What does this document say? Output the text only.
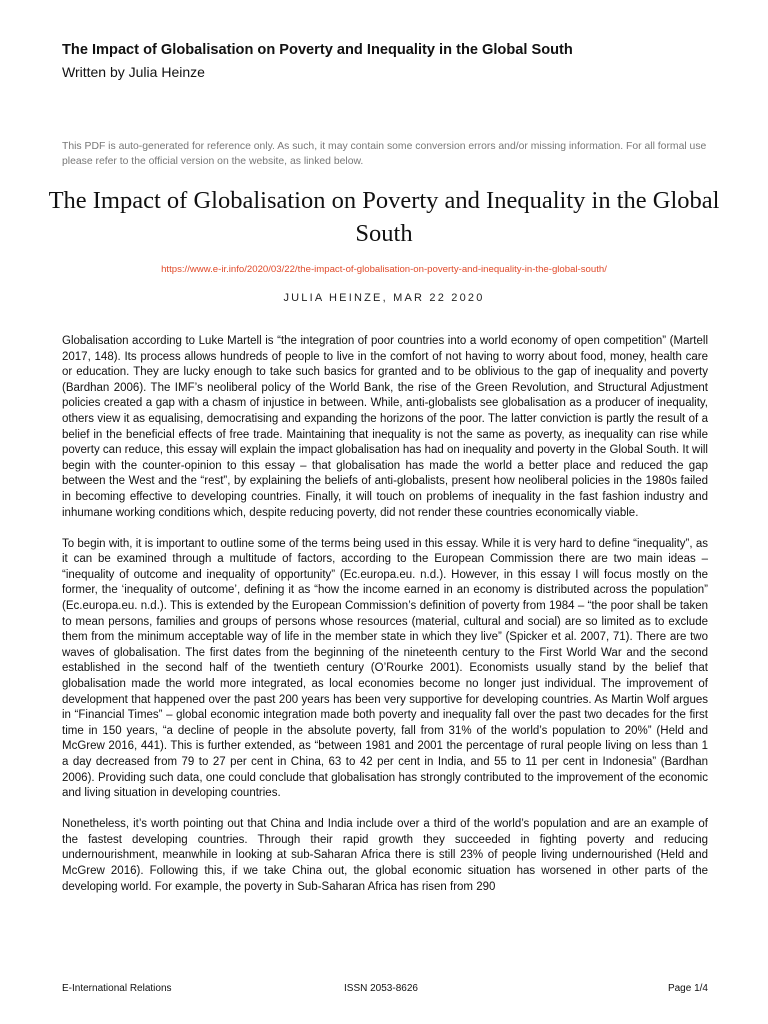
The Impact of Globalisation on Poverty and Inequality in the Global South
Written by Julia Heinze
This PDF is auto-generated for reference only. As such, it may contain some conversion errors and/or missing information. For all formal use please refer to the official version on the website, as linked below.
The Impact of Globalisation on Poverty and Inequality in the Global South
https://www.e-ir.info/2020/03/22/the-impact-of-globalisation-on-poverty-and-inequality-in-the-global-south/
JULIA HEINZE, MAR 22 2020

Globalisation according to Luke Martell is “the integration of poor countries into a world economy of open competition” (Martell 2017, 148). Its process allows hundreds of people to live in the comfort of not having to worry about food, money, health care or education. They are lucky enough to take such basics for granted and to be oblivious to the gap of inequality and poverty (Bardhan 2006). The IMF’s neoliberal policy of the World Bank, the rise of the Green Revolution, and Structural Adjustment policies created a gap with a chasm of injustice in between. While, anti-globalists see globalisation as a producer of inequality, others view it as equalising, democratising and expanding the horizons of the poor. The latter conviction is partly the result of a belief in the beneficial effects of free trade. Maintaining that inequality is not the same as poverty, as inequality can rise while poverty can reduce, this essay will explain the impact globalisation has had on inequality and poverty in the Global South. It will begin with the counter-opinion to this essay – that globalisation has made the world a better place and reduced the gap between the West and the “rest”, by explaining the beliefs of anti-globalists, present how neoliberal policies in the 1980s failed in becoming effective to developing countries. Finally, it will touch on problems of inequality in the fast fashion industry and inhumane working conditions which, despite reducing poverty, did not render these countries economically viable.

To begin with, it is important to outline some of the terms being used in this essay. While it is very hard to define “inequality”, as it can be examined through a multitude of factors, according to the European Commission there are two main ideas – “inequality of outcome and inequality of opportunity” (Ec.europa.eu. n.d.). However, in this essay I will focus mostly on the former, the ‘inequality of outcome’, defining it as “how the income earned in an economy is distributed across the population” (Ec.europa.eu. n.d.). This is extended by the European Commission’s definition of poverty from 1984 – “the poor shall be taken to mean persons, families and groups of persons whose resources (material, cultural and social) are so limited as to exclude them from the minimum acceptable way of life in the member state in which they live” (Spicker et al. 2007, 71). There are two waves of globalisation. The first dates from the beginning of the nineteenth century to the First World War and the second established in the second half of the twentieth century (O’Rourke 2001). Economists usually stand by the belief that globalisation made the world more integrated, as local economies become no longer just individual. The improvement of development that happened over the past 200 years has been very supportive for developing countries. As Martin Wolf argues in “Financial Times” – global economic integration made both poverty and inequality fall over the past two decades for the first time in 150 years, “a decline of people in the absolute poverty, fall from 31% of the world’s population to 20%” (Held and McGrew 2016, 441). This is further extended, as “between 1981 and 2001 the percentage of rural people living on less than 1 a day decreased from 79 to 27 per cent in China, 63 to 42 per cent in India, and 55 to 11 per cent in Indonesia” (Bardhan 2006). Providing such data, one could conclude that globalisation has strongly contributed to the improvement of the economic and living situation in developing countries.

Nonetheless, it’s worth pointing out that China and India include over a third of the world’s population and are an example of the fastest developing countries. Through their rapid growth they succeeded in fighting poverty and reducing undernourishment, meanwhile in looking at sub-Saharan Africa there is still 23% of people living undernourished (Held and McGrew 2016). Following this, if we take China out, the global economic situation has worsened in other parts of the developing world. For example, the poverty in Sub-Saharan Africa has risen from 290

E-International Relations	ISSN 2053-8626	Page 1/4
